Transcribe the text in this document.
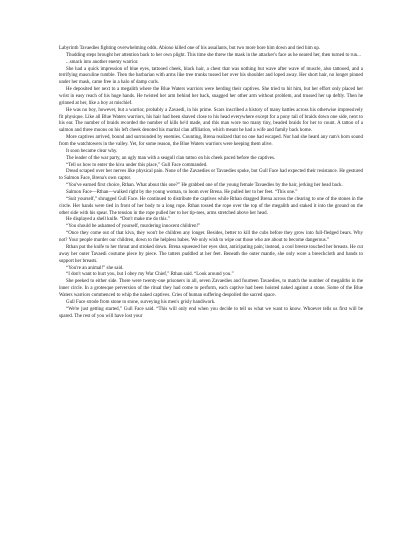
Labyrinth Tavaedies fighting overwhelming odds. Abiono killed one of his assailants, but two more bore him down and tied him up.

Thudding steps brought her attention back to her own plight. This time she threw the mask in the attacker's face as he neared her, then turned to run...

...smack into another enemy warrior.

She had a quick impression of blue eyes, tattooed cheek, black hair, a chest that was nothing but wave after wave of muscle, also tattooed, and a terrifying masculine rumble. Then the barbarian with arms like tree trunks tossed her over his shoulder and loped away. Her short hair, no longer pinned under her mask, came free in a halo of damp curls.

He deposited her next to a megalith where the Blue Waters warriors were herding their captives. She tried to hit him, but her effort only placed her wrist in easy reach of his huge hands. He twisted her arm behind her back, snagged her other arm without problem, and trussed her up deftly. Then he grinned at her, like a boy at mischief.

He was no boy, however, but a warrior, probably a Zavaedi, in his prime. Scars inscribed a history of many battles across his otherwise impressively fit physique. Like all Blue Waters warriors, his hair had been shaved close to his head everywhere except for a pony tail of braids down one side, next to his ear. The number of braids recorded the number of kills he'd made, and this man wore too many tiny, beaded braids for her to count. A tattoo of a salmon and three moons on his left cheek denoted his marital clan affiliation, which meant he had a wife and family back home.

More captives arrived, bound and surrounded by enemies. Counting, Brena realized that no one had escaped. Nor had she heard any ram's horn sound from the watchtowers in the valley. Yet, for some reason, the Blue Waters warriors were keeping them alive.

It soon became clear why.

The leader of the war party, an ugly man with a seagull clan tattoo on his cheek paced before the captives.

“Tell us how to enter the kiva under this place,” Gull Face commanded.

Dread scraped over her nerves like physical pain. None of the Zavaedies or Tavaedies spoke, but Gull Face had expected their resistance. He gestured to Salmon Face, Brena's own captor.

“You've earned first choice, Rthan. What about this one?” He grabbed one of the young female Tavaedies by the hair, jerking her head back.

Salmon Face—Rthan—walked right by the young woman, to loom over Brena. He pulled her to her feet. “This one.”

“Suit yourself,” shrugged Gull Face. He continued to distribute the captives while Rthan dragged Brena across the clearing to one of the stones in the circle. Her hands were tied in front of her body to a long rope. Rthan tossed the rope over the top of the megalith and staked it into the ground on the other side with his spear. The tension in the rope pulled her to her tip-toes, arms stretched above her head.

He displayed a shell knife. “Don't make me do this.”

“You should be ashamed of yourself, murdering innocent children!”

“Once they come out of that kiva, they won't be children any longer. Besides, better to kill the cubs before they grow into full-fledged bears. Why not? Your people murder our children, down to the helpless babes. We only wish to wipe out those who are about to become dangerous.”

Rthan put the knife to her throat and stroked down. Brena squeezed her eyes shut, anticipating pain; instead, a cool breeze touched her breasts. He cut away her outer Tavaedi costume piece by piece. The tatters puddled at her feet. Beneath the outer mantle, she only wore a breechcloth and bands to support her breasts.

“You're an animal!” she said.

“I don't want to hurt you, but I obey my War Chief,” Rthan said. “Look around you.”

She peeked to either side. There were twenty-one prisoners in all, seven Zavaedies and fourteen Tavaedies, to match the number of megaliths in the inner circle. In a grotesque perversion of the ritual they had come to perform, each captive had been hoisted naked against a stone. Some of the Blue Waters warriors commenced to whip the naked captives. Cries of human suffering despoiled the sacred space.

Gull Face strode from stone to stone, surveying his men's grisly handiwork.

“We're just getting started,” Gull Face said. “This will only end when you decide to tell us what we want to know. Whoever tells us first will be spared. The rest of you will have lost your
